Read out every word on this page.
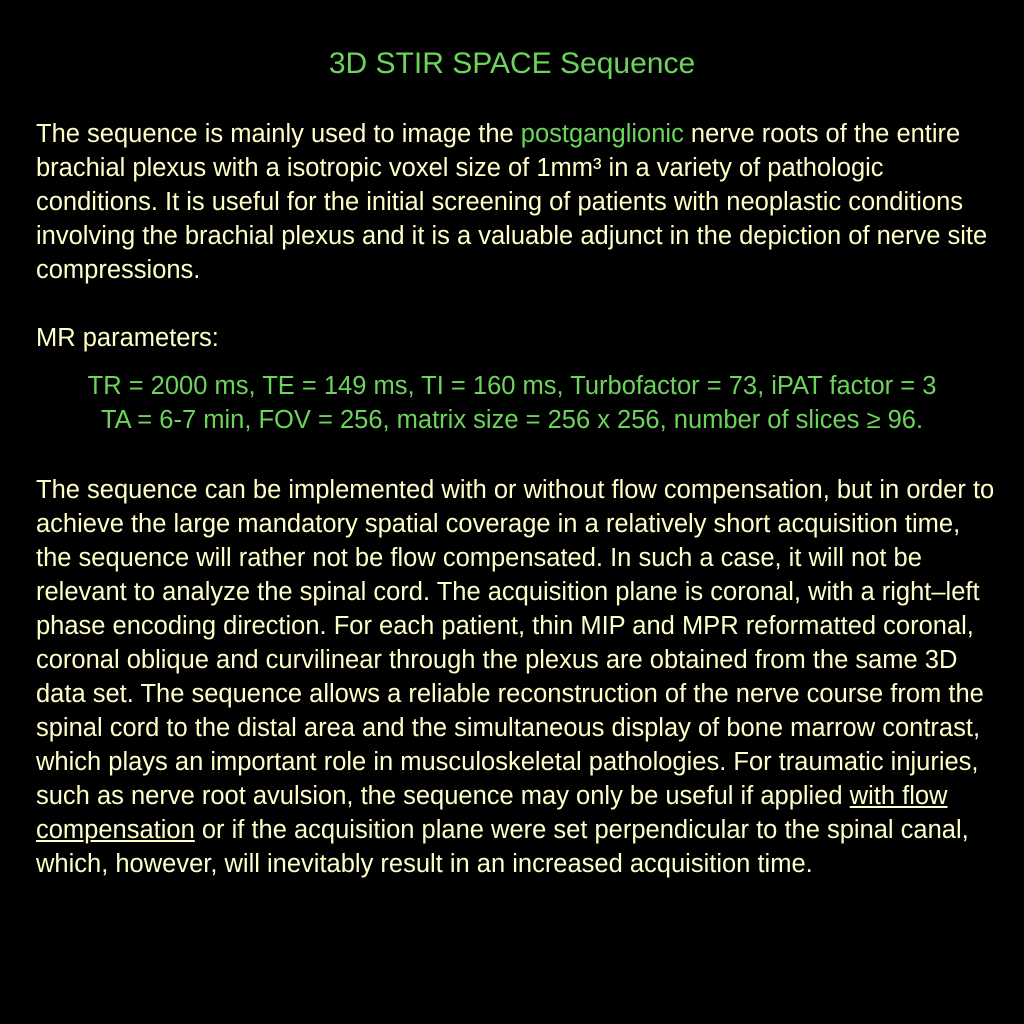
3D STIR SPACE Sequence

The sequence is mainly used to image the postganglionic nerve roots of the entire brachial plexus with a isotropic voxel size of 1mm³ in a variety of pathologic conditions. It is useful for the initial screening of patients with neoplastic conditions involving the brachial plexus and it is a valuable adjunct in the depiction of nerve site compressions.

MR parameters:

TR = 2000 ms, TE = 149 ms, TI = 160 ms, Turbofactor = 73, iPAT factor = 3
TA = 6-7 min, FOV = 256, matrix size = 256 x 256, number of slices ≥ 96.

The sequence can be implemented with or without flow compensation, but in order to achieve the large mandatory spatial coverage in a relatively short acquisition time, the sequence will rather not be flow compensated. In such a case, it will not be relevant to analyze the spinal cord. The acquisition plane is coronal, with a right–left phase encoding direction. For each patient, thin MIP and MPR reformatted coronal, coronal oblique and curvilinear through the plexus are obtained from the same 3D data set. The sequence allows a reliable reconstruction of the nerve course from the spinal cord to the distal area and the simultaneous display of bone marrow contrast, which plays an important role in musculoskeletal pathologies. For traumatic injuries, such as nerve root avulsion, the sequence may only be useful if applied with flow compensation or if the acquisition plane were set perpendicular to the spinal canal, which, however, will inevitably result in an increased acquisition time.
